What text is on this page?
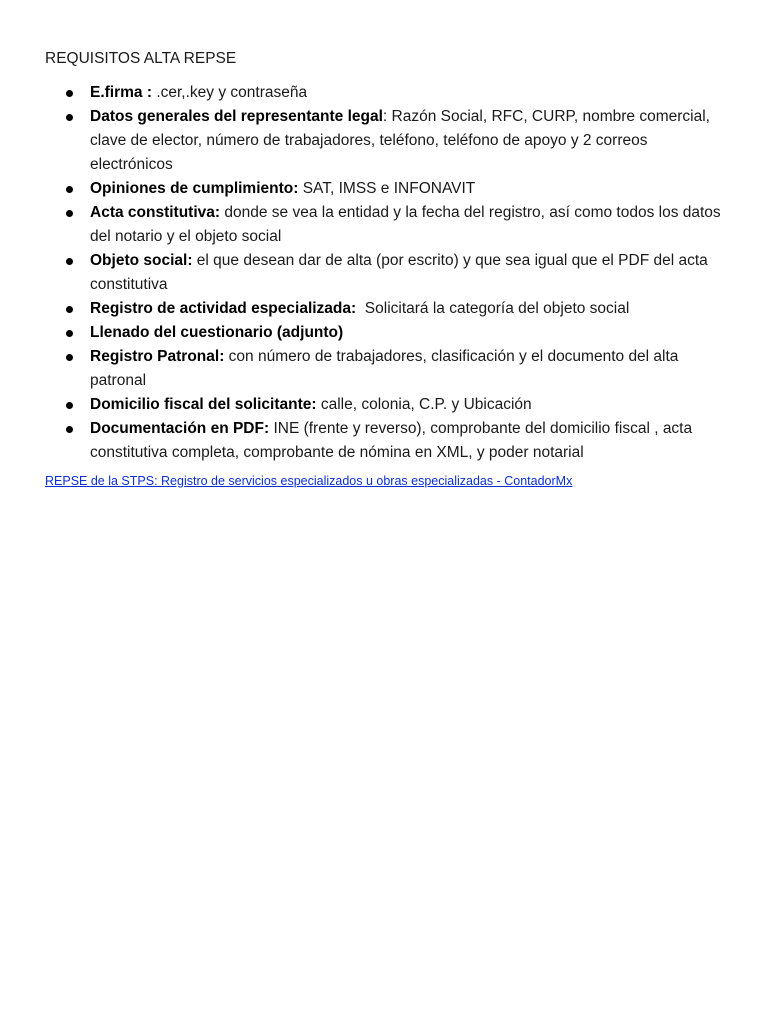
REQUISITOS ALTA REPSE
E.firma : .cer,.key y contraseña
Datos generales del representante legal: Razón Social, RFC, CURP, nombre comercial, clave de elector, número de trabajadores, teléfono, teléfono de apoyo y 2 correos electrónicos
Opiniones de cumplimiento: SAT, IMSS e INFONAVIT
Acta constitutiva: donde se vea la entidad y la fecha del registro, así como todos los datos del notario y el objeto social
Objeto social: el que desean dar de alta (por escrito) y que sea igual que el PDF del acta constitutiva
Registro de actividad especializada:  Solicitará la categoría del objeto social
Llenado del cuestionario (adjunto)
Registro Patronal: con número de trabajadores, clasificación y el documento del alta patronal
Domicilio fiscal del solicitante: calle, colonia, C.P. y Ubicación
Documentación en PDF: INE (frente y reverso), comprobante del domicilio fiscal , acta constitutiva completa, comprobante de nómina en XML, y poder notarial
REPSE de la STPS: Registro de servicios especializados u obras especializadas - ContadorMx
